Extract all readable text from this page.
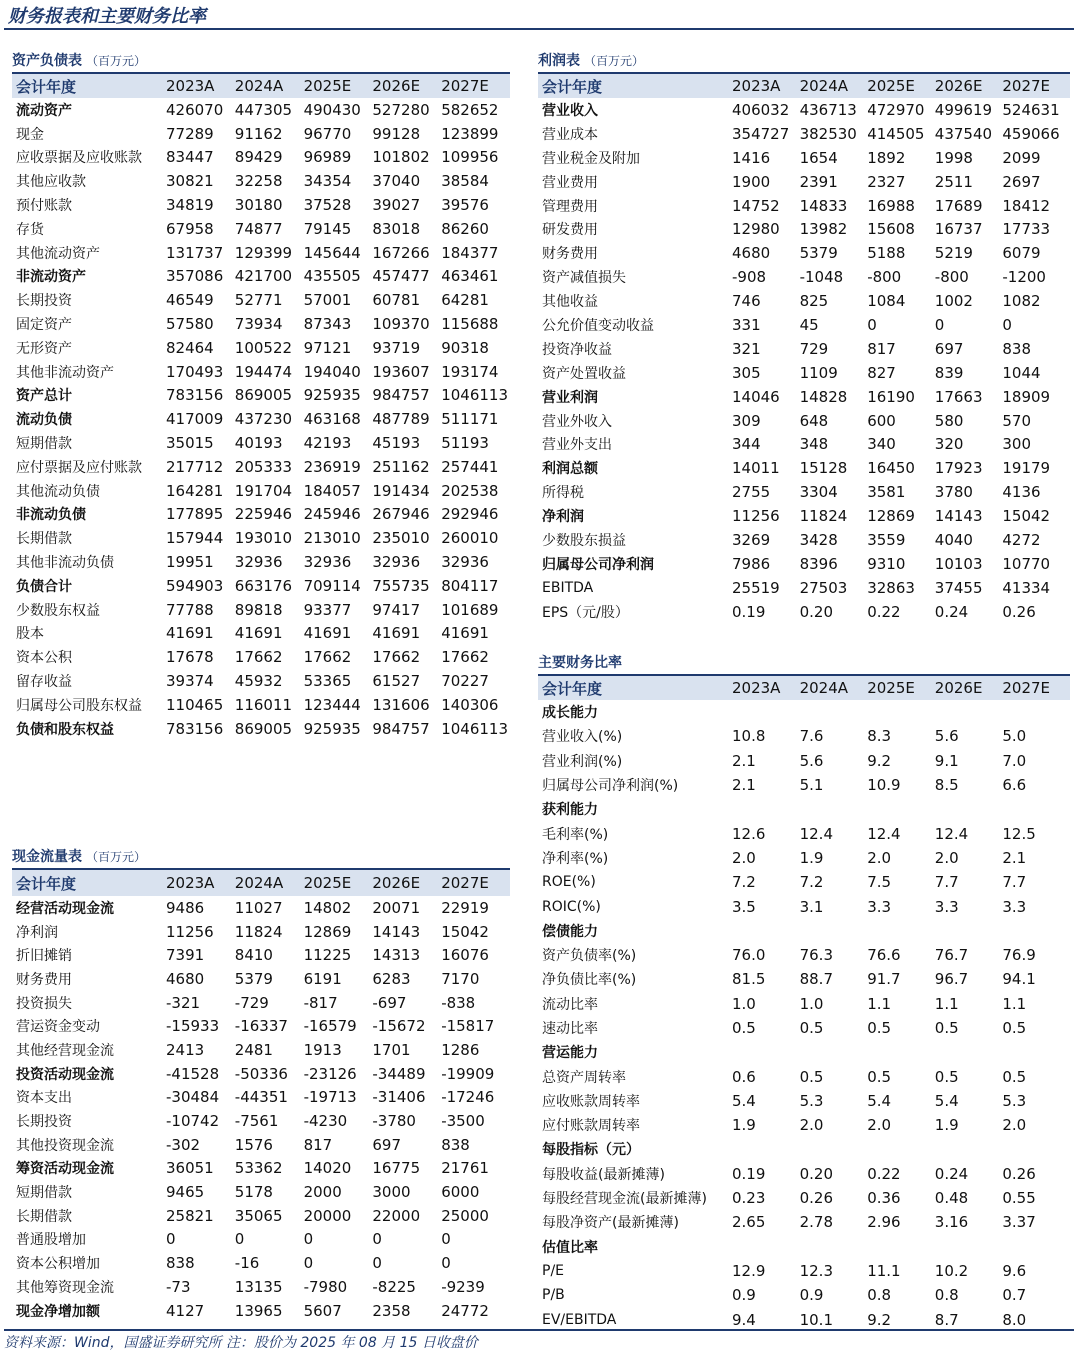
财务报表和主要财务比率
资产负债表 （百万元）
会计年度	2023A	2024A	2025E	2026E	2027E
流动资产	426070	447305	490430	527280	582652
现金	77289	91162	96770	99128	123899
应收票据及应收账款	83447	89429	96989	101802	109956
其他应收款	30821	32258	34354	37040	38584
预付账款	34819	30180	37528	39027	39576
存货	67958	74877	79145	83018	86260
其他流动资产	131737	129399	145644	167266	184377
非流动资产	357086	421700	435505	457477	463461
长期投资	46549	52771	57001	60781	64281
固定资产	57580	73934	87343	109370	115688
无形资产	82464	100522	97121	93719	90318
其他非流动资产	170493	194474	194040	193607	193174
资产总计	783156	869005	925935	984757	1046113
流动负债	417009	437230	463168	487789	511171
短期借款	35015	40193	42193	45193	51193
应付票据及应付账款	217712	205333	236919	251162	257441
其他流动负债	164281	191704	184057	191434	202538
非流动负债	177895	225946	245946	267946	292946
长期借款	157944	193010	213010	235010	260010
其他非流动负债	19951	32936	32936	32936	32936
负债合计	594903	663176	709114	755735	804117
少数股东权益	77788	89818	93377	97417	101689
股本	41691	41691	41691	41691	41691
资本公积	17678	17662	17662	17662	17662
留存收益	39374	45932	53365	61527	70227
归属母公司股东权益	110465	116011	123444	131606	140306
负债和股东权益	783156	869005	925935	984757	1046113
利润表 （百万元）
会计年度	2023A	2024A	2025E	2026E	2027E
营业收入	406032	436713	472970	499619	524631
营业成本	354727	382530	414505	437540	459066
营业税金及附加	1416	1654	1892	1998	2099
营业费用	1900	2391	2327	2511	2697
管理费用	14752	14833	16988	17689	18412
研发费用	12980	13982	15608	16737	17733
财务费用	4680	5379	5188	5219	6079
资产减值损失	-908	-1048	-800	-800	-1200
其他收益	746	825	1084	1002	1082
公允价值变动收益	331	45	0	0	0
投资净收益	321	729	817	697	838
资产处置收益	305	1109	827	839	1044
营业利润	14046	14828	16190	17663	18909
营业外收入	309	648	600	580	570
营业外支出	344	348	340	320	300
利润总额	14011	15128	16450	17923	19179
所得税	2755	3304	3581	3780	4136
净利润	11256	11824	12869	14143	15042
少数股东损益	3269	3428	3559	4040	4272
归属母公司净利润	7986	8396	9310	10103	10770
EBITDA	25519	27503	32863	37455	41334
EPS（元/股）	0.19	0.20	0.22	0.24	0.26
现金流量表 （百万元）
会计年度	2023A	2024A	2025E	2026E	2027E
经营活动现金流	9486	11027	14802	20071	22919
净利润	11256	11824	12869	14143	15042
折旧摊销	7391	8410	11225	14313	16076
财务费用	4680	5379	6191	6283	7170
投资损失	-321	-729	-817	-697	-838
营运资金变动	-15933	-16337	-16579	-15672	-15817
其他经营现金流	2413	2481	1913	1701	1286
投资活动现金流	-41528	-50336	-23126	-34489	-19909
资本支出	-30484	-44351	-19713	-31406	-17246
长期投资	-10742	-7561	-4230	-3780	-3500
其他投资现金流	-302	1576	817	697	838
筹资活动现金流	36051	53362	14020	16775	21761
短期借款	9465	5178	2000	3000	6000
长期借款	25821	35065	20000	22000	25000
普通股增加	0	0	0	0	0
资本公积增加	838	-16	0	0	0
其他筹资现金流	-73	13135	-7980	-8225	-9239
现金净增加额	4127	13965	5607	2358	24772
主要财务比率
会计年度	2023A	2024A	2025E	2026E	2027E
成长能力					
营业收入(%)	10.8	7.6	8.3	5.6	5.0
营业利润(%)	2.1	5.6	9.2	9.1	7.0
归属母公司净利润(%)	2.1	5.1	10.9	8.5	6.6
获利能力					
毛利率(%)	12.6	12.4	12.4	12.4	12.5
净利率(%)	2.0	1.9	2.0	2.0	2.1
ROE(%)	7.2	7.2	7.5	7.7	7.7
ROIC(%)	3.5	3.1	3.3	3.3	3.3
偿债能力					
资产负债率(%)	76.0	76.3	76.6	76.7	76.9
净负债比率(%)	81.5	88.7	91.7	96.7	94.1
流动比率	1.0	1.0	1.1	1.1	1.1
速动比率	0.5	0.5	0.5	0.5	0.5
营运能力					
总资产周转率	0.6	0.5	0.5	0.5	0.5
应收账款周转率	5.4	5.3	5.4	5.4	5.3
应付账款周转率	1.9	2.0	2.0	1.9	2.0
每股指标（元）					
每股收益(最新摊薄)	0.19	0.20	0.22	0.24	0.26
每股经营现金流(最新摊薄)	0.23	0.26	0.36	0.48	0.55
每股净资产(最新摊薄)	2.65	2.78	2.96	3.16	3.37
估值比率					
P/E	12.9	12.3	11.1	10.2	9.6
P/B	0.9	0.9	0.8	0.8	0.7
EV/EBITDA	9.4	10.1	9.2	8.7	8.0
资料来源：Wind，国盛证券研究所 注：股价为 2025 年 08 月 15 日收盘价
